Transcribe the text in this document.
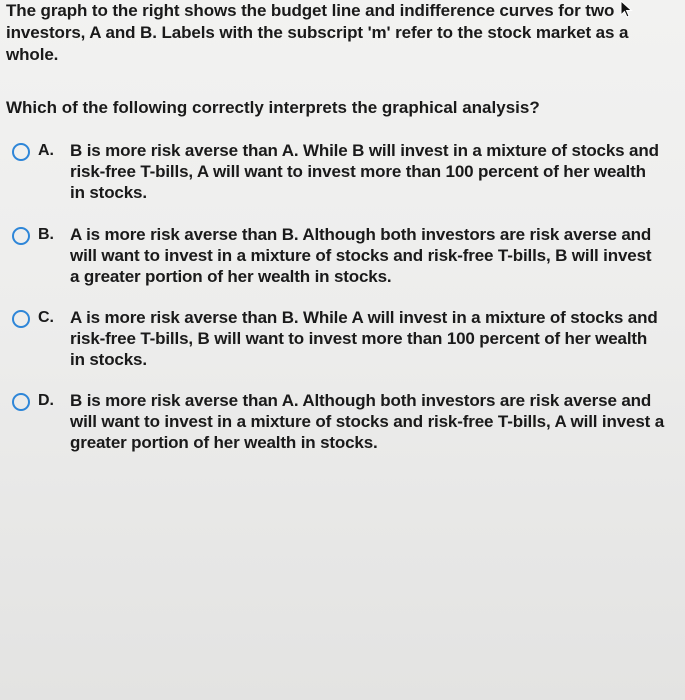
The graph to the right shows the budget line and indifference curves for two
investors, A and B. Labels with the subscript 'm' refer to the stock market as a
whole.
Which of the following correctly interprets the graphical analysis?
A. B is more risk averse than A. While B will invest in a mixture of stocks and
risk-free T-bills, A will want to invest more than 100 percent of her wealth
in stocks.
B. A is more risk averse than B. Although both investors are risk averse and
will want to invest in a mixture of stocks and risk-free T-bills, B will invest
a greater portion of her wealth in stocks.
C. A is more risk averse than B. While A will invest in a mixture of stocks and
risk-free T-bills, B will want to invest more than 100 percent of her wealth
in stocks.
D. B is more risk averse than A. Although both investors are risk averse and
will want to invest in a mixture of stocks and risk-free T-bills, A will invest a
greater portion of her wealth in stocks.
